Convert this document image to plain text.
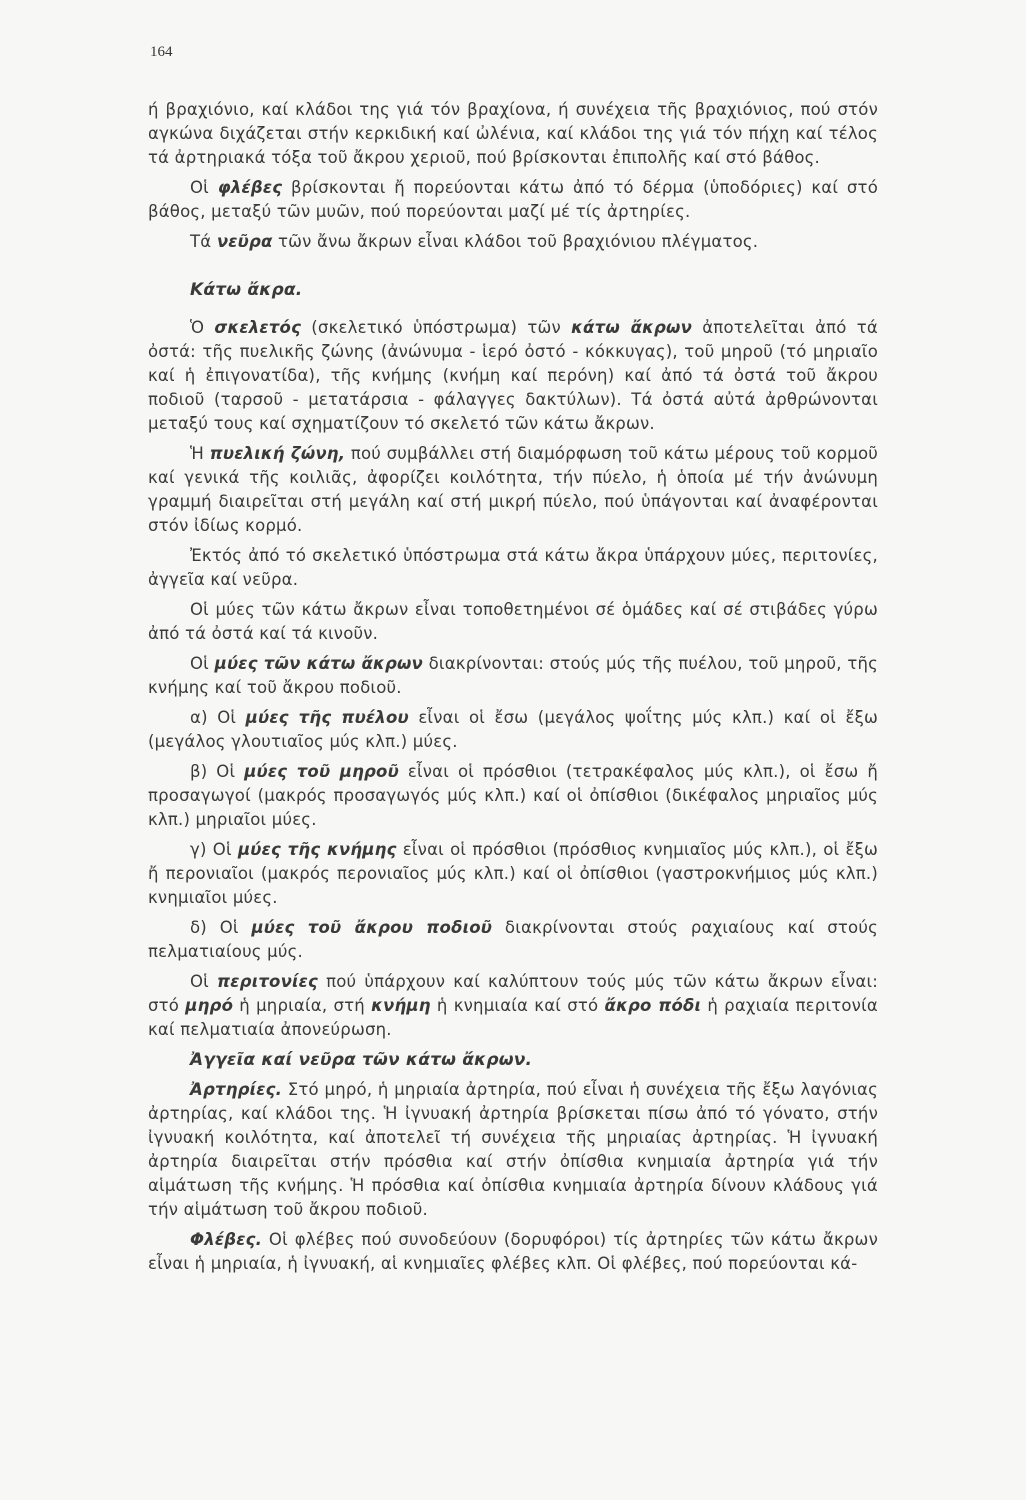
164

ή βραχιόνιο, καί κλάδοι της γιά τόν βραχίονα, ή συνέχεια τῆς βραχιόνιος, πού στόν αγκώνα διχάζεται στήν κερκιδική καί ὠλένια, καί κλάδοι της γιά τόν πήχη καί τέλος τά ἀρτηριακά τόξα τοῦ ἄκρου χεριοῦ, πού βρίσκονται ἐπιπολῆς καί στό βάθος.

Οἱ φλέβες βρίσκονται ἤ πορεύονται κάτω ἀπό τό δέρμα (ὑποδόριες) καί στό βάθος, μεταξύ τῶν μυῶν, πού πορεύονται μαζί μέ τίς ἀρτηρίες.

Τά νεῦρα τῶν ἄνω ἄκρων εἶναι κλάδοι τοῦ βραχιόνιου πλέγματος.

Κάτω ἄκρα.

Ὁ σκελετός (σκελετικό ὑπόστρωμα) τῶν κάτω ἄκρων ἀποτελεῖται ἀπό τά ὀστά: τῆς πυελικῆς ζώνης (ἀνώνυμα - ἱερό ὀστό - κόκκυγας), τοῦ μηροῦ (τό μηριαῖο καί ἡ ἐπιγονατίδα), τῆς κνήμης (κνήμη καί περόνη) καί ἀπό τά ὀστά τοῦ ἄκρου ποδιοῦ (ταρσοῦ - μετατάρσια - φάλαγγες δακτύλων). Τά ὀστά αὐτά ἀρθρώνονται μεταξύ τους καί σχηματίζουν τό σκελετό τῶν κάτω ἄκρων.

Ἡ πυελική ζώνη, πού συμβάλλει στή διαμόρφωση τοῦ κάτω μέρους τοῦ κορμοῦ καί γενικά τῆς κοιλιᾶς, ἀφορίζει κοιλότητα, τήν πύελο, ἡ ὁποία μέ τήν ἀνώνυμη γραμμή διαιρεῖται στή μεγάλη καί στή μικρή πύελο, πού ὑπάγονται καί ἀναφέρονται στόν ἰδίως κορμό.

Ἐκτός ἀπό τό σκελετικό ὑπόστρωμα στά κάτω ἄκρα ὑπάρχουν μύες, περιτονίες, ἀγγεῖα καί νεῦρα.

Οἱ μύες τῶν κάτω ἄκρων εἶναι τοποθετημένοι σέ ὁμάδες καί σέ στιβάδες γύρω ἀπό τά ὀστά καί τά κινοῦν.

Οἱ μύες τῶν κάτω ἄκρων διακρίνονται: στούς μύς τῆς πυέλου, τοῦ μηροῦ, τῆς κνήμης καί τοῦ ἄκρου ποδιοῦ.

α) Οἱ μύες τῆς πυέλου εἶναι οἱ ἔσω (μεγάλος ψοΐτης μύς κλπ.) καί οἱ ἔξω (μεγάλος γλουτιαῖος μύς κλπ.) μύες.

β) Οἱ μύες τοῦ μηροῦ εἶναι οἱ πρόσθιοι (τετρακέφαλος μύς κλπ.), οἱ ἔσω ἤ προσαγωγοί (μακρός προσαγωγός μύς κλπ.) καί οἱ ὀπίσθιοι (δικέφαλος μηριαῖος μύς κλπ.) μηριαῖοι μύες.

γ) Οἱ μύες τῆς κνήμης εἶναι οἱ πρόσθιοι (πρόσθιος κνημιαῖος μύς κλπ.), οἱ ἔξω ἤ περονιαῖοι (μακρός περονιαῖος μύς κλπ.) καί οἱ ὀπίσθιοι (γαστροκνήμιος μύς κλπ.) κνημιαῖοι μύες.

δ) Οἱ μύες τοῦ ἄκρου ποδιοῦ διακρίνονται στούς ραχιαίους καί στούς πελματιαίους μύς.

Οἱ περιτονίες πού ὑπάρχουν καί καλύπτουν τούς μύς τῶν κάτω ἄκρων εἶναι: στό μηρό ἡ μηριαία, στή κνήμη ἡ κνημιαία καί στό ἄκρο πόδι ἡ ραχιαία περιτονία καί πελματιαία ἀπονεύρωση.

Ἀγγεῖα καί νεῦρα τῶν κάτω ἄκρων.

Ἀρτηρίες. Στό μηρό, ἡ μηριαία ἀρτηρία, πού εἶναι ἡ συνέχεια τῆς ἔξω λαγόνιας ἀρτηρίας, καί κλάδοι της. Ἡ ἰγνυακή ἀρτηρία βρίσκεται πίσω ἀπό τό γόνατο, στήν ἰγνυακή κοιλότητα, καί ἀποτελεῖ τή συνέχεια τῆς μηριαίας ἀρτηρίας. Ἡ ἰγνυακή ἀρτηρία διαιρεῖται στήν πρόσθια καί στήν ὀπίσθια κνημιαία ἀρτηρία γιά τήν αἱμάτωση τῆς κνήμης. Ἡ πρόσθια καί ὀπίσθια κνημιαία ἀρτηρία δίνουν κλάδους γιά τήν αἱμάτωση τοῦ ἄκρου ποδιοῦ.

Φλέβες. Οἱ φλέβες πού συνοδεύουν (δορυφόροι) τίς ἀρτηρίες τῶν κάτω ἄκρων εἶναι ἡ μηριαία, ἡ ἰγνυακή, αἱ κνημιαῖες φλέβες κλπ. Οἱ φλέβες, πού πορεύονται κά-
